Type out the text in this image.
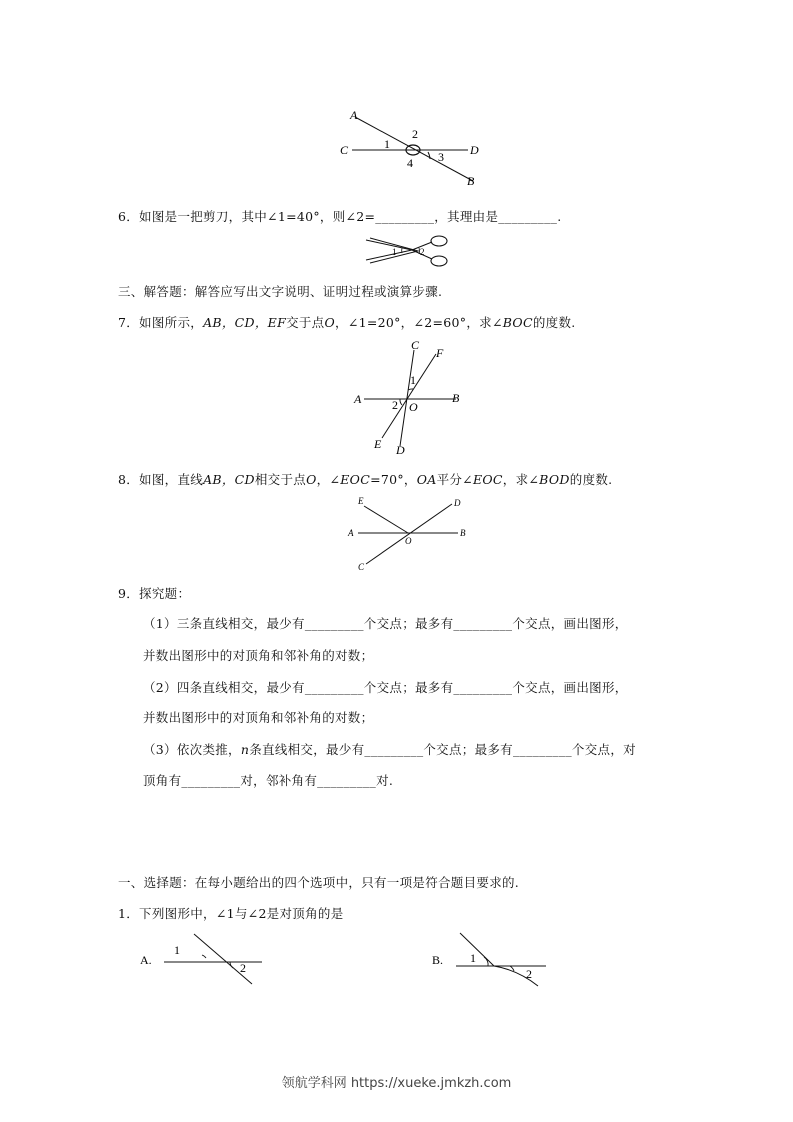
A
C	D
B
2
1
3
4
6．如图是一把剪刀，其中∠1=40°，则∠2=_________，其理由是_________.
1	2
三、解答题：解答应写出文字说明、证明过程或演算步骤.
7．如图所示，AB，CD，EF交于点O，∠1=20°，∠2=60°，求∠BOC的度数.
C
F
A	B
O
1
2
E D
8．如图，直线AB，CD相交于点O，∠EOC=70°，OA平分∠EOC，求∠BOD的度数.
E	D
A	B
O
C
9．探究题：
（1）三条直线相交，最少有_________个交点；最多有_________个交点，画出图形，
并数出图形中的对顶角和邻补角的对数；
（2）四条直线相交，最少有_________个交点；最多有_________个交点，画出图形，
并数出图形中的对顶角和邻补角的对数；
（3）依次类推，n条直线相交，最少有_________个交点；最多有_________个交点，对
顶角有_________对，邻补角有_________对.
一、选择题：在每小题给出的四个选项中，只有一项是符合题目要求的.
1．下列图形中，∠1与∠2是对顶角的是
A.
1
2
B. 1
2
领航学科网 https://xueke.jmkzh.com
